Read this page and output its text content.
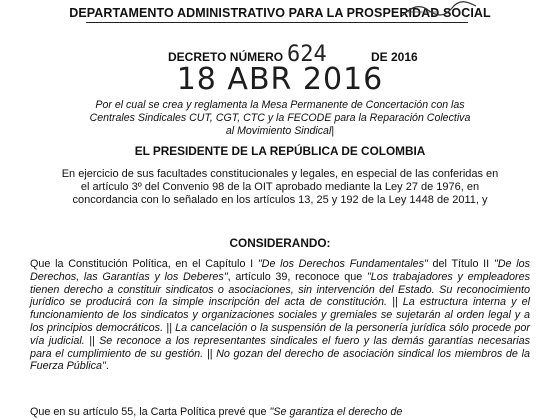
DEPARTAMENTO ADMINISTRATIVO PARA LA PROSPERIDAD SOCIAL
DECRETO NÚMERO 624	DE 2016
18 ABR 2016
Por el cual se crea y reglamenta la Mesa Permanente de Concertación con las Centrales Sindicales CUT, CGT, CTC y la FECODE para la Reparación Colectiva al Movimiento Sindical|
EL PRESIDENTE DE LA REPÚBLICA DE COLOMBIA
En ejercicio de sus facultades constitucionales y legales, en especial de las conferidas en el artículo 3º del Convenio 98 de la OIT aprobado mediante la Ley 27 de 1976, en concordancia con lo señalado en los artículos 13, 25 y 192 de la Ley 1448 de 2011, y
CONSIDERANDO:
Que la Constitución Política, en el Capítulo I "De los Derechos Fundamentales" del Título II "De los Derechos, las Garantías y los Deberes", artículo 39, reconoce que "Los trabajadores y empleadores tienen derecho a constituir sindicatos o asociaciones, sin intervención del Estado. Su reconocimiento jurídico se producirá con la simple inscripción del acta de constitución. || La estructura interna y el funcionamiento de los sindicatos y organizaciones sociales y gremiales se sujetarán al orden legal y a los principios democráticos. || La cancelación o la suspensión de la personería jurídica sólo procede por vía judicial. || Se reconoce a los representantes sindicales el fuero y las demás garantías necesarias para el cumplimiento de su gestión. || No gozan del derecho de asociación sindical los miembros de la Fuerza Pública".
Que en su artículo 55, la Carta Política prevé que "Se garantiza el derecho de
